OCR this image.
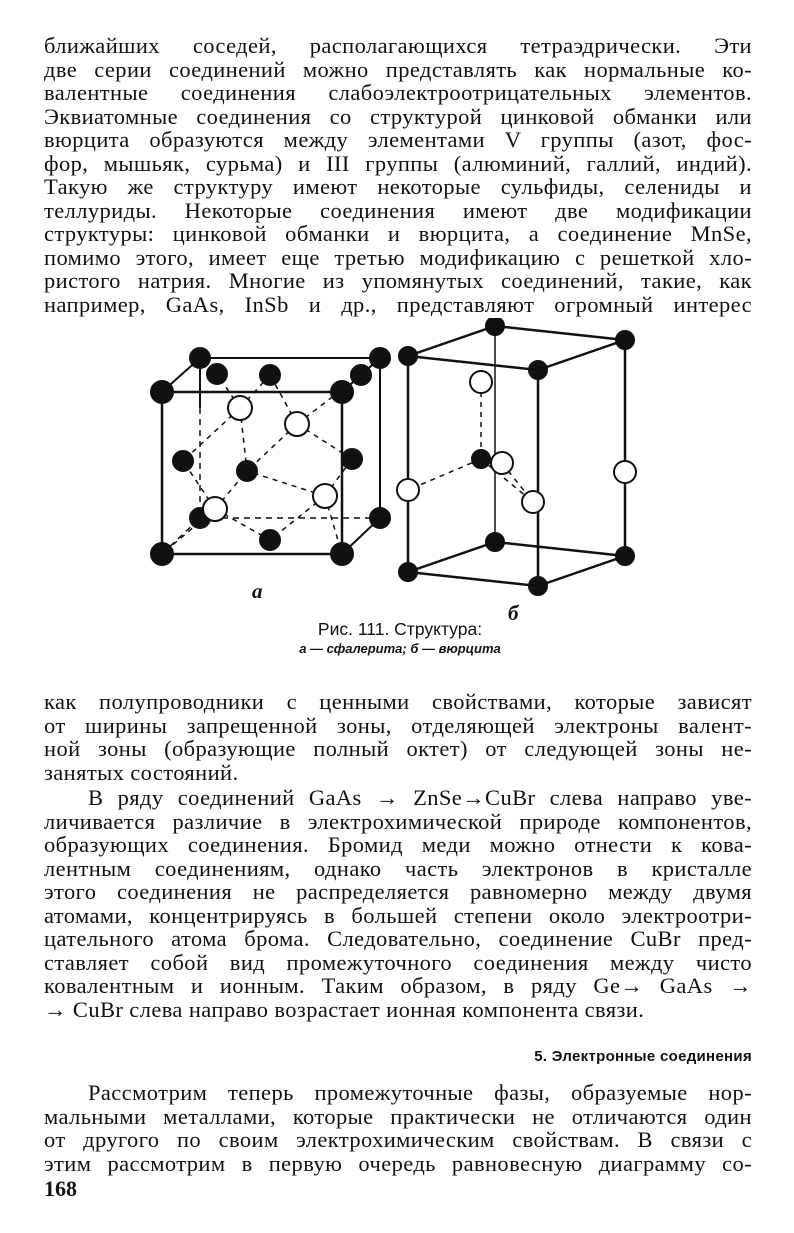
ближайших соседей, располагающихся тетраэдрически. Эти
две серии соединений можно представлять как нормальные ко-
валентные соединения слабоэлектроотрицательных элементов.
Эквиатомные соединения со структурой цинковой обманки или
вюрцита образуются между элементами V группы (азот, фос-
фор, мышьяк, сурьма) и III группы (алюминий, галлий, индий).
Такую же структуру имеют некоторые сульфиды, селениды и
теллуриды. Некоторые соединения имеют две модификации
структуры: цинковой обманки и вюрцита, а соединение MnSe,
помимо этого, имеет еще третью модификацию с решеткой хло-
ристого натрия. Многие из упомянутых соединений, такие, как
например, GaAs, InSb и др., представляют огромный интерес
а
б
Рис. 111. Структура:
а — сфалерита; б — вюрцита
как полупроводники с ценными свойствами, которые зависят
от ширины запрещенной зоны, отделяющей электроны валент-
ной зоны (образующие полный октет) от следующей зоны не-
занятых состояний.
В ряду соединений GaAs → ZnSe→CuBr слева направо уве-
личивается различие в электрохимической природе компонентов,
образующих соединения. Бромид меди можно отнести к кова-
лентным соединениям, однако часть электронов в кристалле
этого соединения не распределяется равномерно между двумя
атомами, концентрируясь в большей степени около электроотри-
цательного атома брома. Следовательно, соединение CuBr пред-
ставляет собой вид промежуточного соединения между чисто
ковалентным и ионным. Таким образом, в ряду Ge→ GaAs →
→ CuBr слева направо возрастает ионная компонента связи.
5. Электронные соединения
Рассмотрим теперь промежуточные фазы, образуемые нор-
мальными металлами, которые практически не отличаются один
от другого по своим электрохимическим свойствам. В связи с
этим рассмотрим в первую очередь равновесную диаграмму со-

168
